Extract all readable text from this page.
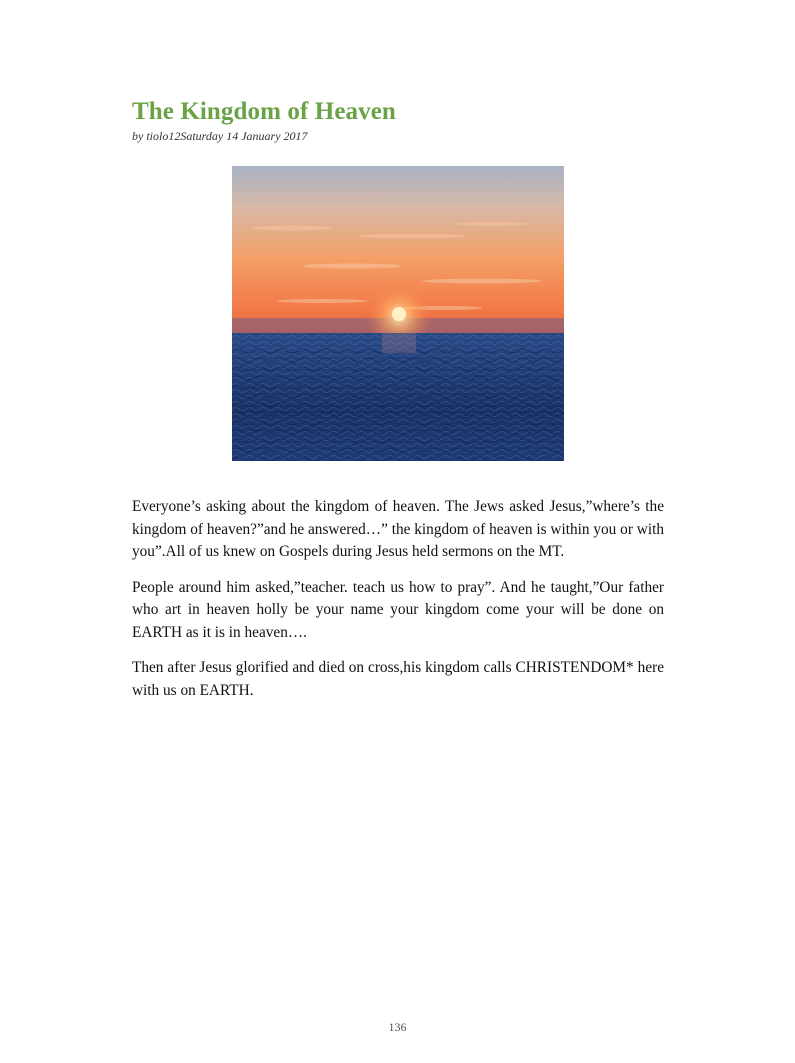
The Kingdom of Heaven
by tiolo12Saturday 14 January 2017

Everyone’s asking about the kingdom of heaven. The Jews asked Jesus,”where’s the kingdom of heaven?”and he answered…” the kingdom of heaven is within you or with you”.All of us knew on Gospels during Jesus held sermons on the MT.

People around him asked,”teacher. teach us how to pray”. And he taught,”Our father who art in heaven holly be your name your kingdom come your will be done on EARTH as it is in heaven….

Then after Jesus glorified and died on cross,his kingdom calls CHRISTENDOM* here with us on EARTH.

136
